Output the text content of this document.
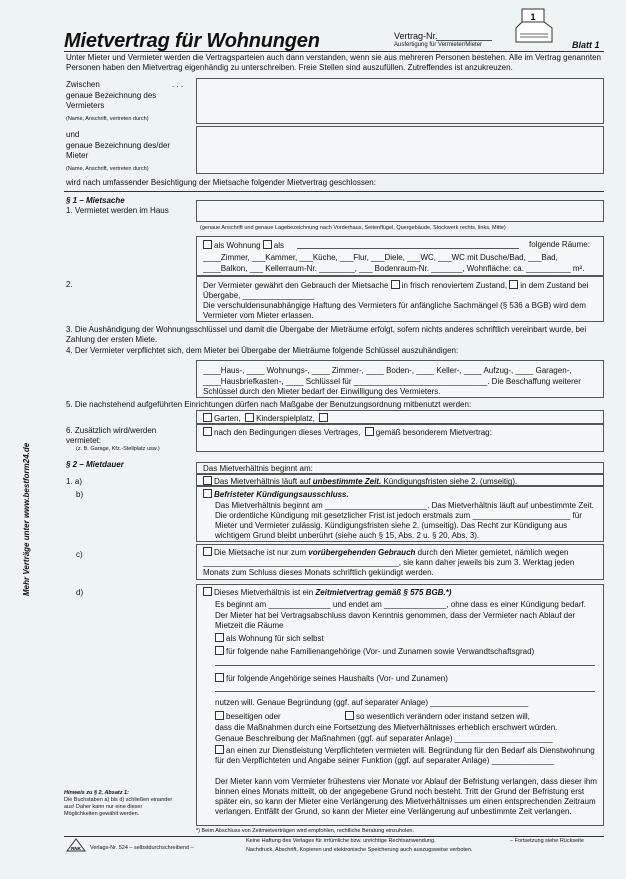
Mehr Verträge unter www.bestform24.de
Mietvertrag für Wohnungen	Vertrag-Nr.
Ausfertigung für Vermieter/Mieter
1
Blatt 1
Unter Mieter und Vermieter werden die Vertragsparteien auch dann verstanden, wenn sie aus mehreren Personen bestehen. Alle im Vertrag genannten Personen haben den Mietvertrag eigenhändig zu unterschreiben. Freie Stellen sind auszufüllen. Zutreffendes ist anzukreuzen.
Zwischen	. . .
genaue Bezeichnung des Vermieters
(Name, Anschrift, vertreten durch)
und
genaue Bezeichnung des/der Mieter
(Name, Anschrift, vertreten durch)
wird nach umfassender Besichtigung der Mietsache folgender Mietvertrag geschlossen:
§ 1 – Mietsache
1. Vermietet werden im Haus
(genaue Anschrift und genaue Lagebezeichnung nach Vorderhaus, Seitenflügel, Quergebäude, Stockwerk rechts, links, Mitte)
als Wohnung als	folgende Räume:
____Zimmer, ___Kammer, ___Küche, ___Flur, ___Diele, ___WC, ___WC mit Dusche/Bad, ___Bad,
____Balkon, ___ Kellerraum-Nr. ________, ___ Bodenraum-Nr. _______, Wohnfläche: ca. __________ m².
2.	Der Vermieter gewährt den Gebrauch der Mietsache in frisch renoviertem Zustand, in dem Zustand bei Übergabe, ________________
Die verschuldensunabhängige Haftung des Vermieters für anfängliche Sachmängel (§ 536 a BGB) wird dem Vermieter vom Mieter erlassen.
3. Die Aushändigung der Wohnungsschlüssel und damit die Übergabe der Mieträume erfolgt, sofern nichts anderes schriftlich vereinbart wurde, bei Zahlung der ersten Miete.
4. Der Vermieter verpflichtet sich, dem Mieter bei Übergabe der Mieträume folgende Schlüssel auszuhändigen:
____Haus-, ____ Wohnungs-, ____ Zimmer-, ____ Boden-, ____ Keller-, ____ Aufzug-, ____ Garagen-,
____Hausbriefkasten-, ____ Schlüssel für ______________________________. Die Beschaffung weiterer Schlüssel durch den Mieter bedarf der Einwilligung des Vermieters.
5. Die nachstehend aufgeführten Einrichtungen dürfen nach Maßgabe der Benutzungsordnung mitbenutzt werden:
Garten, Kinderspielplatz,
6. Zusätzlich wird/werden vermietet:
(z. B. Garage, Kfz.-Stellplatz usw.)
nach den Bedingungen dieses Vertrages, gemäß besonderem Mietvertrag:
§ 2 – Mietdauer	Das Mietverhältnis beginnt am:
1. a)	Das Mietverhältnis läuft auf unbestimmte Zeit. Kündigungsfristen siehe 2. (umseitig).
b)	Befristeter Kündigungsausschluss.
Das Mietverhältnis beginnt am _______________________. Das Mietverhältnis läuft auf unbestimmte Zeit.
Die ordentliche Kündigung mit gesetzlicher Frist ist jedoch erstmals zum ______________________ für Mieter und Vermieter zulässig. Kündigungsfristen siehe 2. (umseitig). Das Recht zur Kündigung aus wichtigem Grund bleibt unberührt (siehe auch § 15, Abs. 2 u. § 20, Abs. 3).
c)	Die Mietsache ist nur zum vorübergehenden Gebrauch durch den Mieter gemietet, nämlich wegen ____________________________________________, sie kann daher jeweils bis zum 3. Werktag jeden Monats zum Schluss dieses Monats schriftlich gekündigt werden.
d)	Dieses Mietverhältnis ist ein Zeitmietvertrag gemäß § 575 BGB.*)
Es beginnt am ______________ und endet am ______________, ohne dass es einer Kündigung bedarf.
Der Mieter hat bei Vertragsabschluss davon Kenntnis genommen, dass der Vermieter nach Ablauf der Mietzeit die Räume
als Wohnung für sich selbst
für folgende nahe Familienangehörige (Vor- und Zunamen sowie Verwandtschaftsgrad)
für folgende Angehörige seines Haushalts (Vor- und Zunamen)
nutzen will. Genaue Begründung (ggf. auf separater Anlage) ______________________
beseitigen oder	so wesentlich verändern oder instand setzen will,
dass die Maßnahmen durch eine Fortsetzung des Mietverhältnisses erheblich erschwert würden.
Genaue Beschreibung der Maßnahmen (ggf. auf separater Anlage) ______________________
an einen zur Dienstleistung Verpflichteten vermieten will. Begründung für den Bedarf als Dienstwohnung für den Verpflichteten und Angabe seiner Funktion (ggf. auf separater Anlage) ______________
Der Mieter kann vom Vermieter frühestens vier Monate vor Ablauf der Befristung verlangen, dass dieser ihm binnen eines Monats mitteilt, ob der angegebene Grund noch besteht. Tritt der Grund der Befristung erst später ein, so kann der Mieter eine Verlängerung des Mietverhältnisses um einen entsprechenden Zeitraum verlangen. Entfällt der Grund, so kann der Mieter eine Verlängerung auf unbestimmte Zeit verlangen.
Hinweis zu § 2, Absatz 1:
Die Buchstaben a) bis d) schließen einander aus! Daher kann nur eine dieser Möglichkeiten gewählt werden.
*) Beim Abschluss von Zeitmietverträgen wird empfohlen, rechtliche Beratung einzuholen.
RNK Verlags-Nr. 524 – selbstdurchschreibend –
Keine Haftung des Verlages für irrtümliche bzw. unrichtige Rechtsanwendung.	– Fortsetzung siehe Rückseite
Nachdruck, Abschrift, Kopieren und elektronische Speicherung auch auszugsweise verboten.
